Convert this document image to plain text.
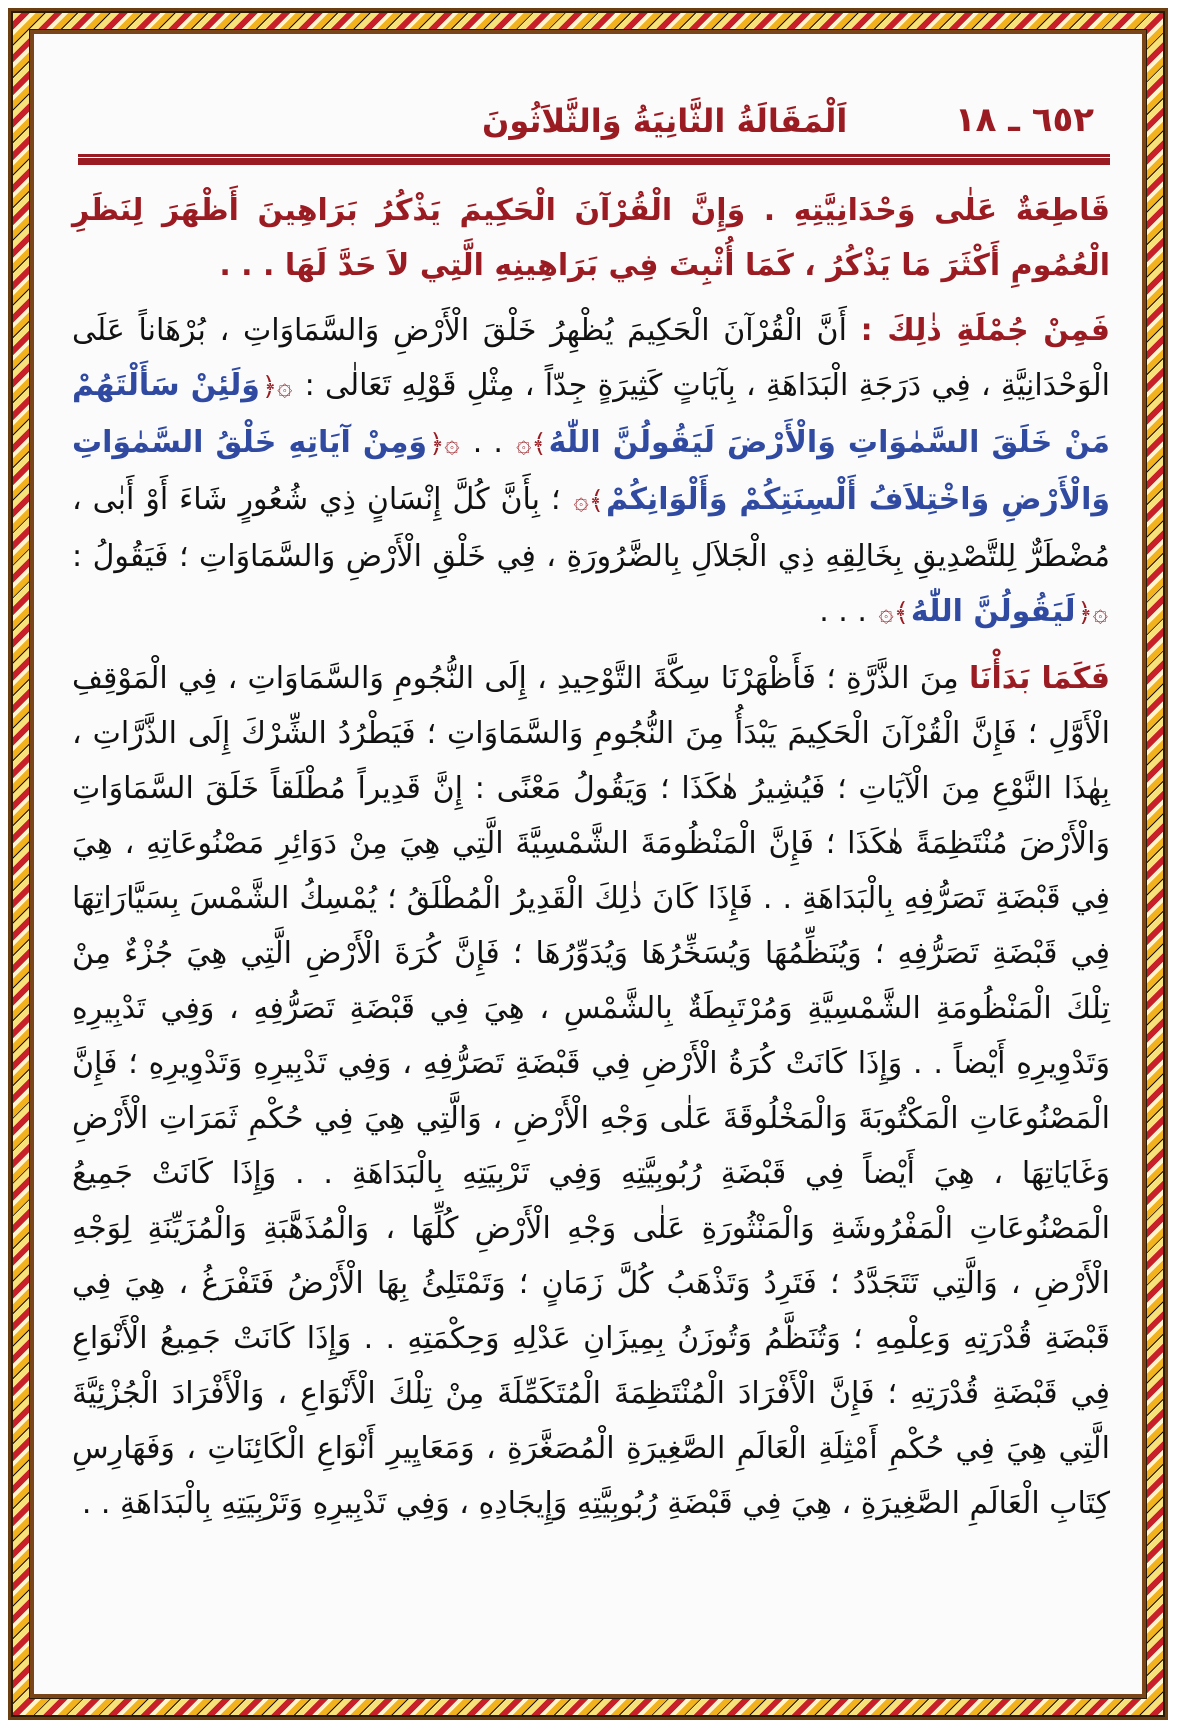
٦٥٢ ـ ١٨
اَلْمَقَالَةُ الثَّانِيَةُ وَالثَّلاَثُونَ

قَاطِعَةٌ عَلٰى وَحْدَانِيَّتِهِ . وَإِنَّ الْقُرْآنَ الْحَكِيمَ يَذْكُرُ بَرَاهِينَ أَظْهَرَ لِنَظَرِ الْعُمُومِ أَكْثَرَ مَا يَذْكُرُ ، كَمَا أُثْبِتَ فِي بَرَاهِينِهِ الَّتِي لاَ حَدَّ لَهَا . . .

فَمِنْ جُمْلَةِ ذٰلِكَ : أَنَّ الْقُرْآنَ الْحَكِيمَ يُظْهِرُ خَلْقَ الْأَرْضِ وَالسَّمَاوَاتِ ، بُرْهَاناً عَلَى الْوَحْدَانِيَّةِ ، فِي دَرَجَةِ الْبَدَاهَةِ ، بِآيَاتٍ كَثِيرَةٍ جِدّاً ، مِثْلِ قَوْلِهِ تَعَالٰى : ۞﴿وَلَئِنْ سَأَلْتَهُمْ مَنْ خَلَقَ السَّمٰوَاتِ وَالْأَرْضَ لَيَقُولُنَّ اللّٰهُ﴾۞ . . ۞﴿وَمِنْ آيَاتِهِ خَلْقُ السَّمٰوَاتِ وَالْأَرْضِ وَاخْتِلاَفُ أَلْسِنَتِكُمْ وَأَلْوَانِكُمْ﴾۞ ؛ بِأَنَّ كُلَّ إِنْسَانٍ ذِي شُعُورٍ شَاءَ أَوْ أَبٰى ، مُضْطَرٌّ لِلتَّصْدِيقِ بِخَالِقِهِ ذِي الْجَلاَلِ بِالضَّرُورَةِ ، فِي خَلْقِ الْأَرْضِ وَالسَّمَاوَاتِ ؛ فَيَقُولُ : ۞﴿لَيَقُولُنَّ اللّٰهُ﴾۞ . . .

فَكَمَا بَدَأْنَا مِنَ الذَّرَّةِ ؛ فَأَظْهَرْنَا سِكَّةَ التَّوْحِيدِ ، إِلَى النُّجُومِ وَالسَّمَاوَاتِ ، فِي الْمَوْقِفِ الْأَوَّلِ ؛ فَإِنَّ الْقُرْآنَ الْحَكِيمَ يَبْدَأُ مِنَ النُّجُومِ وَالسَّمَاوَاتِ ؛ فَيَطْرُدُ الشِّرْكَ إِلَى الذَّرَّاتِ ، بِهٰذَا النَّوْعِ مِنَ الْآيَاتِ ؛ فَيُشِيرُ هٰكَذَا ؛ وَيَقُولُ مَعْنًى : إِنَّ قَدِيراً مُطْلَقاً خَلَقَ السَّمَاوَاتِ وَالْأَرْضَ مُنْتَظِمَةً هٰكَذَا ؛ فَإِنَّ الْمَنْظُومَةَ الشَّمْسِيَّةَ الَّتِي هِيَ مِنْ دَوَائِرِ مَصْنُوعَاتِهِ ، هِيَ فِي قَبْضَةِ تَصَرُّفِهِ بِالْبَدَاهَةِ . . فَإِذَا كَانَ ذٰلِكَ الْقَدِيرُ الْمُطْلَقُ ؛ يُمْسِكُ الشَّمْسَ بِسَيَّارَاتِهَا فِي قَبْضَةِ تَصَرُّفِهِ ؛ وَيُنَظِّمُهَا وَيُسَخِّرُهَا وَيُدَوِّرُهَا ؛ فَإِنَّ كُرَةَ الْأَرْضِ الَّتِي هِيَ جُزْءٌ مِنْ تِلْكَ الْمَنْظُومَةِ الشَّمْسِيَّةِ وَمُرْتَبِطَةٌ بِالشَّمْسِ ، هِيَ فِي قَبْضَةِ تَصَرُّفِهِ ، وَفِي تَدْبِيرِهِ وَتَدْوِيرِهِ أَيْضاً . . وَإِذَا كَانَتْ كُرَةُ الْأَرْضِ فِي قَبْضَةِ تَصَرُّفِهِ ، وَفِي تَدْبِيرِهِ وَتَدْوِيرِهِ ؛ فَإِنَّ الْمَصْنُوعَاتِ الْمَكْتُوبَةَ وَالْمَخْلُوقَةَ عَلٰى وَجْهِ الْأَرْضِ ، وَالَّتِي هِيَ فِي حُكْمِ ثَمَرَاتِ الْأَرْضِ وَغَايَاتِهَا ، هِيَ أَيْضاً فِي قَبْضَةِ رُبُوبِيَّتِهِ وَفِي تَرْبِيَتِهِ بِالْبَدَاهَةِ . . وَإِذَا كَانَتْ جَمِيعُ الْمَصْنُوعَاتِ الْمَفْرُوشَةِ وَالْمَنْثُورَةِ عَلٰى وَجْهِ الْأَرْضِ كُلِّهَا ، وَالْمُذَهَّبَةِ وَالْمُزَيِّنَةِ لِوَجْهِ الْأَرْضِ ، وَالَّتِي تَتَجَدَّدُ ؛ فَتَرِدُ وَتَذْهَبُ كُلَّ زَمَانٍ ؛ وَتَمْتَلِئُ بِهَا الْأَرْضُ فَتَفْرَغُ ، هِيَ فِي قَبْضَةِ قُدْرَتِهِ وَعِلْمِهِ ؛ وَتُنَظَّمُ وَتُوزَنُ بِمِيزَانِ عَدْلِهِ وَحِكْمَتِهِ . . وَإِذَا كَانَتْ جَمِيعُ الْأَنْوَاعِ فِي قَبْضَةِ قُدْرَتِهِ ؛ فَإِنَّ الْأَفْرَادَ الْمُنْتَظِمَةَ الْمُتَكَمِّلَةَ مِنْ تِلْكَ الْأَنْوَاعِ ، وَالْأَفْرَادَ الْجُزْئِيَّةَ الَّتِي هِيَ فِي حُكْمِ أَمْثِلَةِ الْعَالَمِ الصَّغِيرَةِ الْمُصَغَّرَةِ ، وَمَعَايِيرِ أَنْوَاعِ الْكَائِنَاتِ ، وَفَهَارِسِ كِتَابِ الْعَالَمِ الصَّغِيرَةِ ، هِيَ فِي قَبْضَةِ رُبُوبِيَّتِهِ وَإِيجَادِهِ ، وَفِي تَدْبِيرِهِ وَتَرْبِيَتِهِ بِالْبَدَاهَةِ . .
